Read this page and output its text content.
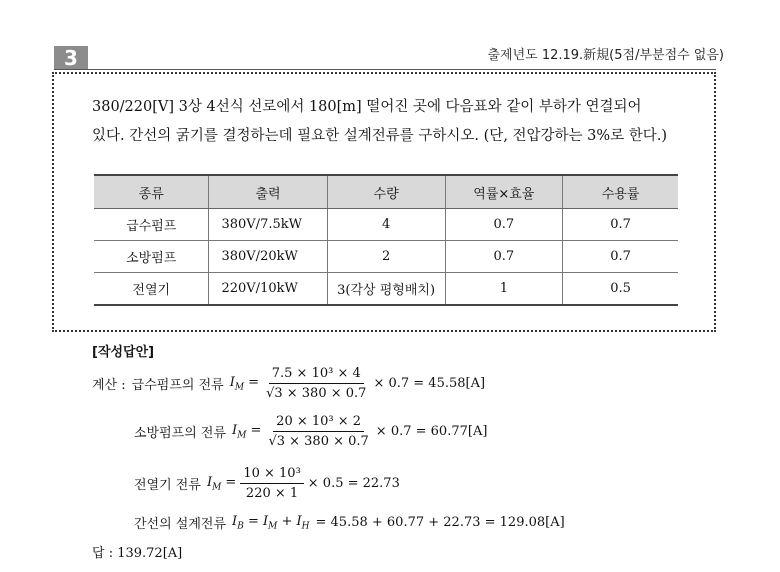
3	출제년도 12.19.新規(5점/부분점수 없음)
380/220[V] 3상 4선식 선로에서 180[m] 떨어진 곳에 다음표와 같이 부하가 연결되어
있다. 간선의 굵기를 결정하는데 필요한 설계전류를 구하시오. (단, 전압강하는 3%로 한다.)
종류	출력	수량	역률×효율	수용률
급수펌프	380V/7.5kW	4	0.7	0.7
소방펌프	380V/20kW	2	0.7	0.7
전열기	220V/10kW	3(각상 평형배치)	1	0.5
[작성답안]
계산 : 급수펌프의 전류 $I_M = \frac{\text{7.5 × 10³ × 4}}{√3 \times 380 \times 0.7} \times 0.7 = 45.58[A]$
소방펌프의 전류 $I_M = \frac{\text{20 × 10³ × 2}}{√3 \times 380 \times 0.7} \times 0.7 = 60.77[A]$
전열기 전류 $I_M = \frac{\text{10 × 10³}}{220 \times 1} \times 0.5 = 22.73$
간선의 설계전류 $I_B = I_M + I_H = 45.58 + 60.77 + 22.73 = 129.08[A]$
답 : 139.72[A]
